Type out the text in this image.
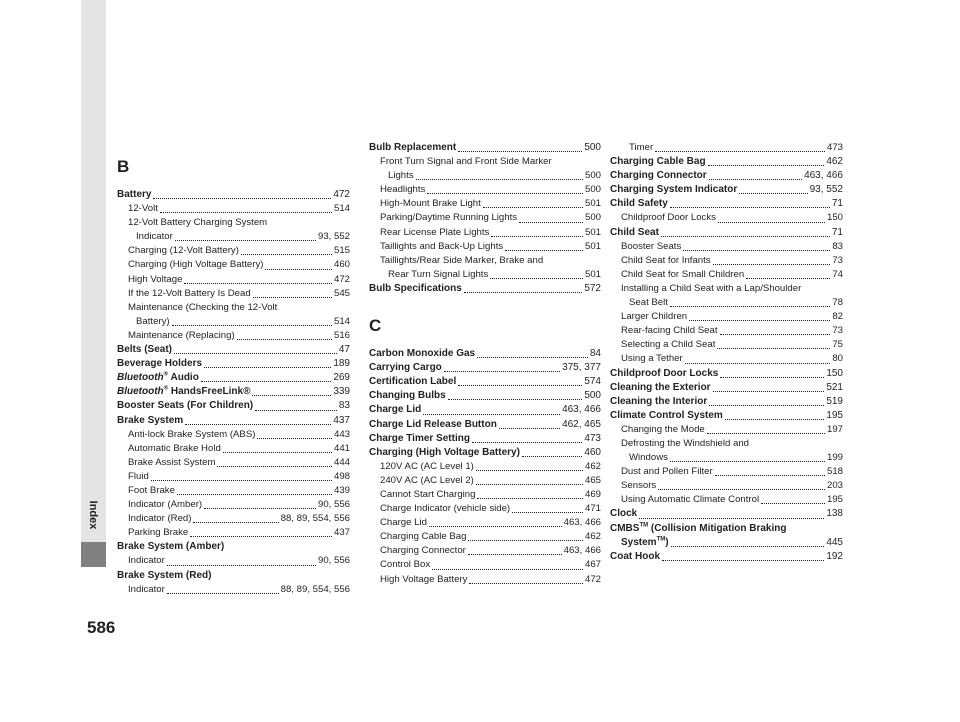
Index
586
B
Battery	472
12-Volt	514
12-Volt Battery Charging System
Indicator	93, 552
Charging (12-Volt Battery)	515
Charging (High Voltage Battery)	460
High Voltage	472
If the 12-Volt Battery Is Dead	545
Maintenance (Checking the 12-Volt
Battery)	514
Maintenance (Replacing)	516
Belts (Seat)	47
Beverage Holders	189
Bluetooth® Audio	269
Bluetooth® HandsFreeLink®	339
Booster Seats (For Children)	83
Brake System	437
Anti-lock Brake System (ABS)	443
Automatic Brake Hold	441
Brake Assist System	444
Fluid	498
Foot Brake	439
Indicator (Amber)	90, 556
Indicator (Red)	88, 89, 554, 556
Parking Brake	437
Brake System (Amber)
Indicator	90, 556
Brake System (Red)
Indicator	88, 89, 554, 556
Bulb Replacement	500
Front Turn Signal and Front Side Marker
Lights	500
Headlights	500
High-Mount Brake Light	501
Parking/Daytime Running Lights	500
Rear License Plate Lights	501
Taillights and Back-Up Lights	501
Taillights/Rear Side Marker, Brake and
Rear Turn Signal Lights	501
Bulb Specifications	572
C
Carbon Monoxide Gas	84
Carrying Cargo	375, 377
Certification Label	574
Changing Bulbs	500
Charge Lid	463, 466
Charge Lid Release Button	462, 465
Charge Timer Setting	473
Charging (High Voltage Battery)	460
120V AC (AC Level 1)	462
240V AC (AC Level 2)	465
Cannot Start Charging	469
Charge Indicator (vehicle side)	471
Charge Lid	463, 466
Charging Cable Bag	462
Charging Connector	463, 466
Control Box	467
High Voltage Battery	472
Timer	473
Charging Cable Bag	462
Charging Connector	463, 466
Charging System Indicator	93, 552
Child Safety	71
Childproof Door Locks	150
Child Seat	71
Booster Seats	83
Child Seat for Infants	73
Child Seat for Small Children	74
Installing a Child Seat with a Lap/Shoulder
Seat Belt	78
Larger Children	82
Rear-facing Child Seat	73
Selecting a Child Seat	75
Using a Tether	80
Childproof Door Locks	150
Cleaning the Exterior	521
Cleaning the Interior	519
Climate Control System	195
Changing the Mode	197
Defrosting the Windshield and
Windows	199
Dust and Pollen Filter	518
Sensors	203
Using Automatic Climate Control	195
Clock	138
CMBS™ (Collision Mitigation Braking
System™)	445
Coat Hook	192
